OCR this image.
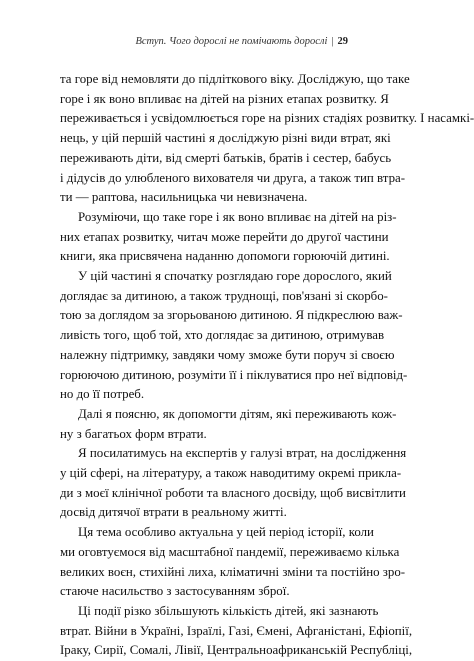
Вступ. Чого дорослі не помічають дорослі | 29

та горе від немовляти до підліткового віку. Досліджую, що таке
горе і як воно впливає на дітей на різних етапах розвитку. Я
переживається і усвідомлюється горе на різних стадіях розвитку. І насамкі-
нець, у цій першій частині я досліджую різні види втрат, які
переживають діти, від смерті батьків, братів і сестер, бабусь
і дідусів до улюбленого вихователя чи друга, а також тип втра-
ти — раптова, насильницька чи невизначена.

Розуміючи, що таке горе і як воно впливає на дітей на різ-
них етапах розвитку, читач може перейти до другої частини
книги, яка присвячена наданню допомоги горюючій дитині.

У цій частині я спочатку розглядаю горе дорослого, який
доглядає за дитиною, а також труднощі, пов'язані зі скорбо-
тою за доглядом за згорьованою дитиною. Я підкреслюю важ-
ливість того, щоб той, хто доглядає за дитиною, отримував
належну підтримку, завдяки чому зможе бути поруч зі своєю
горюючою дитиною, розуміти її і піклуватися про неї відповід-
но до її потреб.

Далі я поясню, як допомогти дітям, які переживають кож-
ну з багатьох форм втрати.

Я посилатимусь на експертів у галузі втрат, на дослідження
у цій сфері, на літературу, а також наводитиму окремі прикла-
ди з моєї клінічної роботи та власного досвіду, щоб висвітлити
досвід дитячої втрати в реальному житті.

Ця тема особливо актуальна у цей період історії, коли
ми оговтуємося від масштабної пандемії, переживаємо кілька
великих воєн, стихійні лиха, кліматичні зміни та постійно зро-
стаюче насильство з застосуванням зброї.

Ці події різко збільшують кількість дітей, які зазнають
втрат. Війни в Україні, Ізраїлі, Газі, Ємені, Афганістані, Ефіопії,
Іраку, Сирії, Сомалі, Лівії, Центральноафриканській Республіці,
